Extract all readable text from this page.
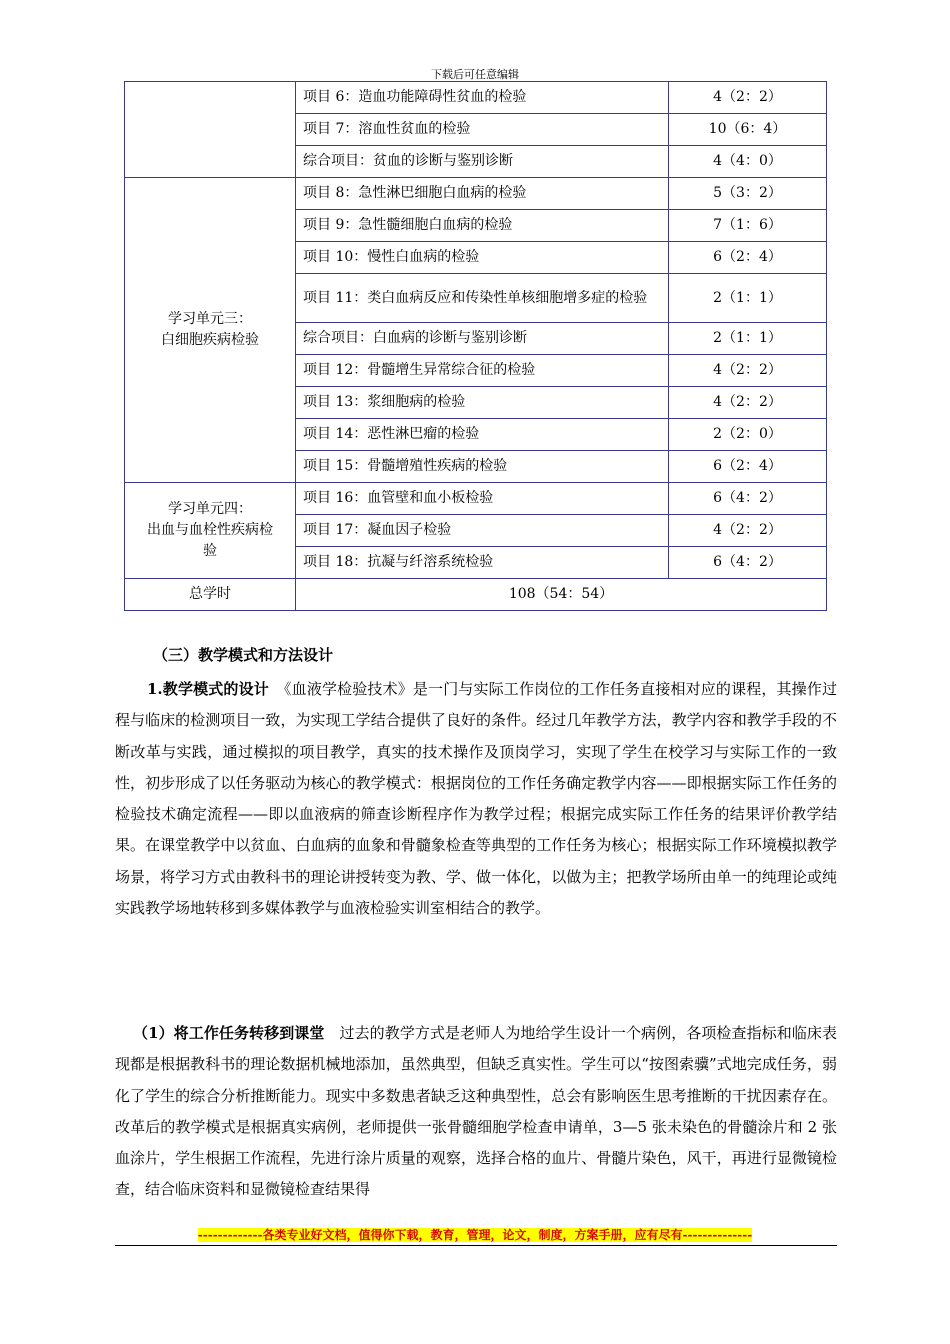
下载后可任意编辑
	项目 6：造血功能障碍性贫血的检验	4（2：2）
	项目 7：溶血性贫血的检验	10（6：4）
	综合项目：贫血的诊断与鉴别诊断	4（4：0）

学习单元三：
白细胞疾病检验	项目 8：急性淋巴细胞白血病的检验	5（3：2）
	项目 9：急性髓细胞白血病的检验	7（1：6）
	项目 10：慢性白血病的检验	6（2：4）
	项目 11：类白血病反应和传染性单核细胞增多症的检验	2（1：1）
	综合项目：白血病的诊断与鉴别诊断	2（1：1）
	项目 12：骨髓增生异常综合征的检验	4（2：2）
	项目 13：浆细胞病的检验	4（2：2）
	项目 14：恶性淋巴瘤的检验	2（2：0）
	项目 15：骨髓增殖性疾病的检验	6（2：4）

学习单元四：
出血与血栓性疾病检
验	项目 16：血管壁和血小板检验	6（4：2）
	项目 17：凝血因子检验	4（2：2）
	项目 18：抗凝与纤溶系统检验	6（4：2）
总学时	108（54：54）	
（三）教学模式和方法设计
1.教学模式的设计　《血液学检验技术》是一门与实际工作岗位的工作任务直接相对应的课程，其操作过程与临床的检测项目一致，为实现工学结合提供了良好的条件。经过几年教学方法，教学内容和教学手段的不断改革与实践，通过模拟的项目教学，真实的技术操作及顶岗学习，实现了学生在校学习与实际工作的一致性，初步形成了以任务驱动为核心的教学模式：根据岗位的工作任务确定教学内容——即根据实际工作任务的检验技术确定流程——即以血液病的筛查诊断程序作为教学过程；根据完成实际工作任务的结果评价教学结果。在课堂教学中以贫血、白血病的血象和骨髓象检查等典型的工作任务为核心；根据实际工作环境模拟教学场景，将学习方式由教科书的理论讲授转变为教、学、做一体化，以做为主；把教学场所由单一的纯理论或纯实践教学场地转移到多媒体教学与血液检验实训室相结合的教学。
（1）将工作任务转移到课堂　过去的教学方式是老师人为地给学生设计一个病例，各项检查指标和临床表现都是根据教科书的理论数据机械地添加，虽然典型，但缺乏真实性。学生可以“按图索骥”式地完成任务，弱化了学生的综合分析推断能力。现实中多数患者缺乏这种典型性，总会有影响医生思考推断的干扰因素存在。改革后的教学模式是根据真实病例，老师提供一张骨髓细胞学检查申请单，3—5 张未染色的骨髓涂片和 2 张血涂片，学生根据工作流程，先进行涂片质量的观察，选择合格的血片、骨髓片染色，风干，再进行显微镜检查，结合临床资料和显微镜检查结果得
-------------各类专业好文档，值得你下载，教育，管理，论文，制度，方案手册，应有尽有--------------
